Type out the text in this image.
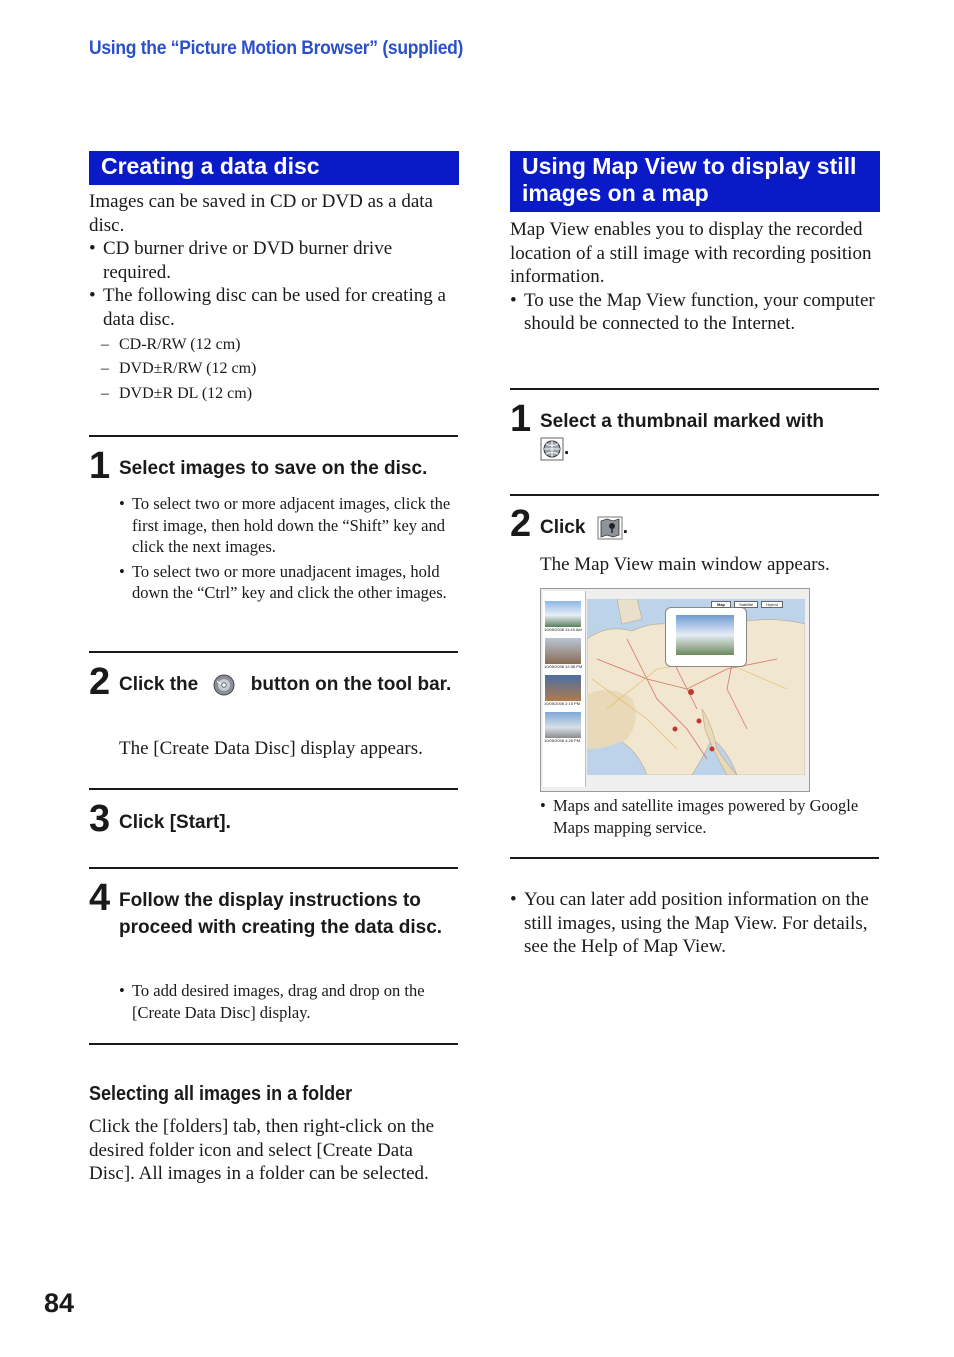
Using the “Picture Motion Browser” (supplied)
Creating a data disc
Images can be saved in CD or DVD as a data disc.
• CD burner drive or DVD burner drive required.
• The following disc can be used for creating a data disc.
– CD-R/RW (12 cm)
– DVD±R/RW (12 cm)
– DVD±R DL (12 cm)
1 Select images to save on the disc.
• To select two or more adjacent images, click the first image, then hold down the “Shift” key and click the next images.
• To select two or more unadjacent images, hold down the “Ctrl” key and click the other images.
2 Click the	button on the tool bar.
The [Create Data Disc] display appears.
3 Click [Start].
4 Follow the display instructions to proceed with creating the data disc.
• To add desired images, drag and drop on the [Create Data Disc] display.
Selecting all images in a folder
Click the [folders] tab, then right-click on the desired folder icon and select [Create Data Disc]. All images in a folder can be selected.
Using Map View to display still images on a map
Map View enables you to display the recorded location of a still image with recording position information.
• To use the Map View function, your computer should be connected to the Internet.
1 Select a thumbnail marked with
.
2 Click .
The Map View main window appears.
10/05/2008 11:45 AM
10/05/2008 12:38 PM
10/05/2008 2:15 PM
10/05/2008 4:26 PM
Map	Satellite	Hybrid
• Maps and satellite images powered by Google Maps mapping service.
• You can later add position information on the still images, using the Map View. For details, see the Help of Map View.
84
